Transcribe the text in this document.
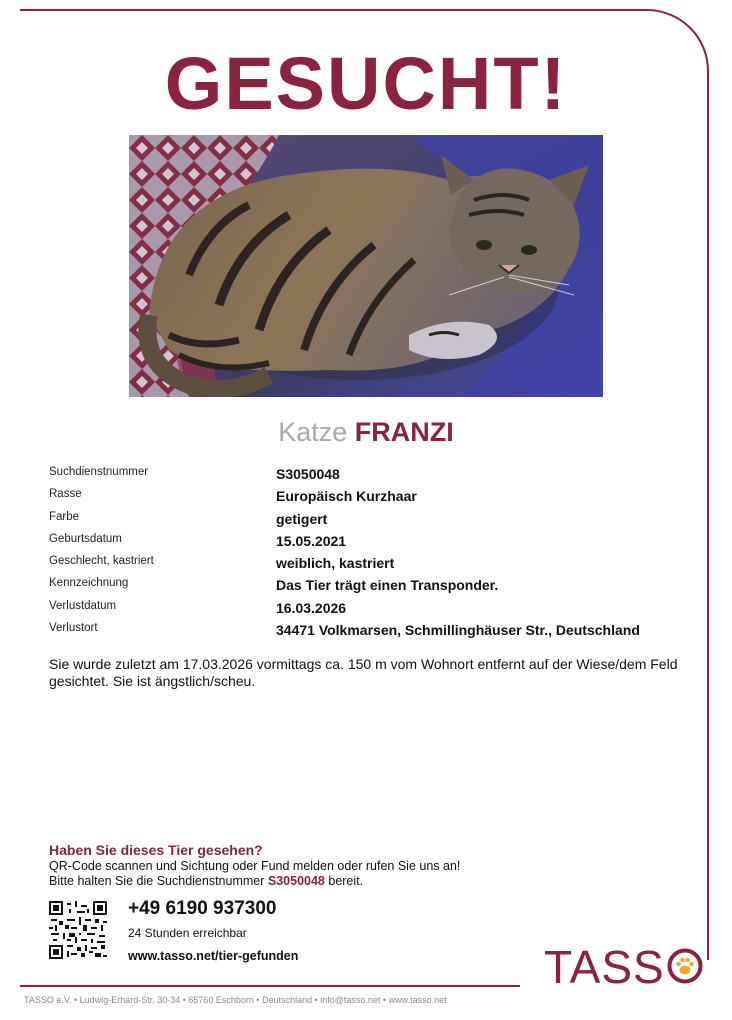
GESUCHT!
Katze FRANZI
Suchdienstnummer	S3050048
Rasse	Europäisch Kurzhaar
Farbe	getigert
Geburtsdatum	15.05.2021
Geschlecht, kastriert	weiblich, kastriert
Kennzeichnung	Das Tier trägt einen Transponder.
Verlustdatum	16.03.2026
Verlustort	34471 Volkmarsen, Schmillinghäuser Str., Deutschland
Sie wurde zuletzt am 17.03.2026 vormittags ca. 150 m vom Wohnort entfernt auf der Wiese/dem Feld gesichtet. Sie ist ängstlich/scheu.
Haben Sie dieses Tier gesehen?
QR-Code scannen und Sichtung oder Fund melden oder rufen Sie uns an!
Bitte halten Sie die Suchdienstnummer S3050048 bereit.
+49 6190 937300
24 Stunden erreichbar
www.tasso.net/tier-gefunden	TASS
TASSO e.V. • Ludwig-Erhard-Str. 30-34 • 65760 Eschborn • Deutschland • info@tasso.net • www.tasso.net
